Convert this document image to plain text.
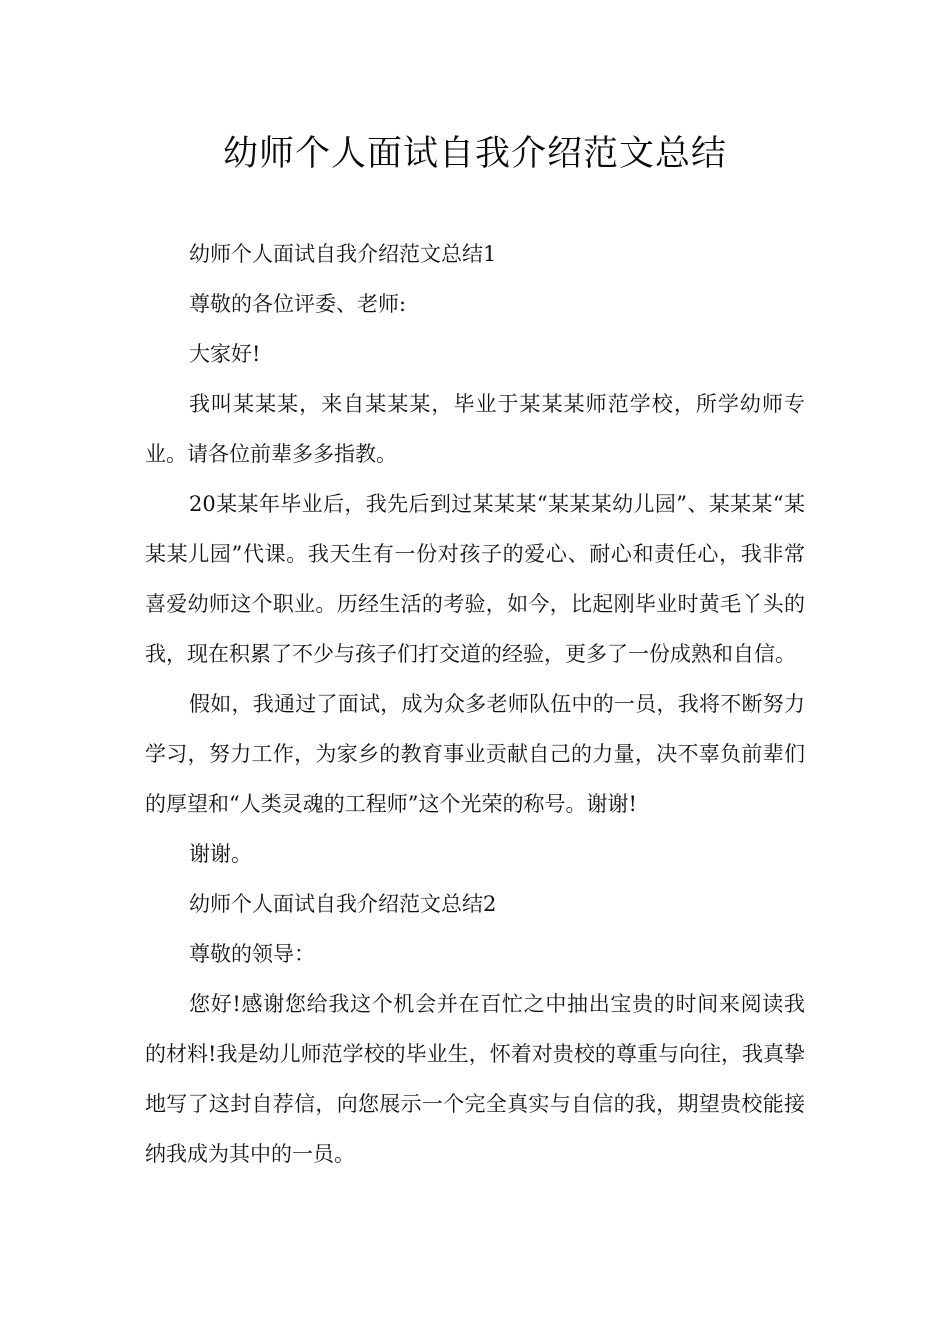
幼师个人面试自我介绍范文总结

幼师个人面试自我介绍范文总结1

尊敬的各位评委、老师:

大家好!

我叫某某某，来自某某某，毕业于某某某师范学校，所学幼师专业。请各位前辈多多指教。

20某某年毕业后，我先后到过某某某“某某某幼儿园”、某某某“某某某儿园”代课。我天生有一份对孩子的爱心、耐心和责任心，我非常喜爱幼师这个职业。历经生活的考验，如今，比起刚毕业时黄毛丫头的我，现在积累了不少与孩子们打交道的经验，更多了一份成熟和自信。

假如，我通过了面试，成为众多老师队伍中的一员，我将不断努力学习，努力工作，为家乡的教育事业贡献自己的力量，决不辜负前辈们的厚望和“人类灵魂的工程师”这个光荣的称号。谢谢!

谢谢。

幼师个人面试自我介绍范文总结2

尊敬的领导：

您好!感谢您给我这个机会并在百忙之中抽出宝贵的时间来阅读我的材料!我是幼儿师范学校的毕业生，怀着对贵校的尊重与向往，我真挚地写了这封自荐信，向您展示一个完全真实与自信的我，期望贵校能接纳我成为其中的一员。
